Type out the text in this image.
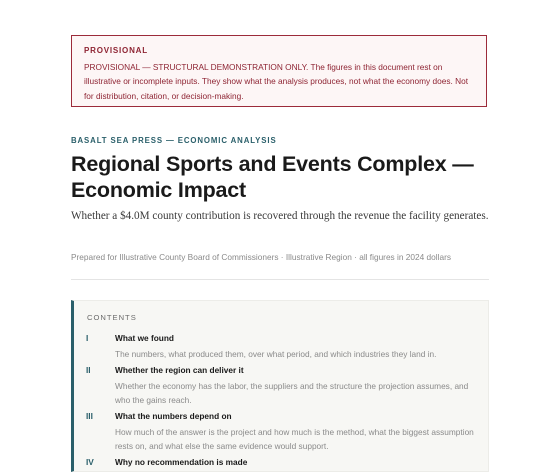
PROVISIONAL
PROVISIONAL — STRUCTURAL DEMONSTRATION ONLY. The figures in this document rest on illustrative or incomplete inputs. They show what the analysis produces, not what the economy does. Not for distribution, citation, or decision-making.
BASALT SEA PRESS — ECONOMIC ANALYSIS
Regional Sports and Events Complex — Economic Impact
Whether a $4.0M county contribution is recovered through the revenue the facility generates.
Prepared for Illustrative County Board of Commissioners · Illustrative Region · all figures in 2024 dollars
CONTENTS
I	What we found
The numbers, what produced them, over what period, and which industries they land in.
II	Whether the region can deliver it
Whether the economy has the labor, the suppliers and the structure the projection assumes, and who the gains reach.
III	What the numbers depend on
How much of the answer is the project and how much is the method, what the biggest assumption rests on, and what else the same evidence would support.
IV	Why no recommendation is made
